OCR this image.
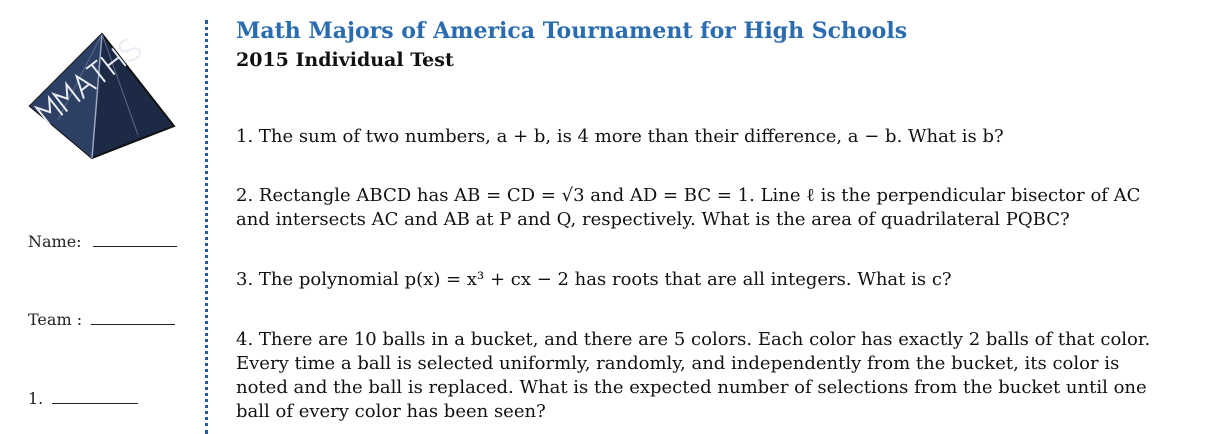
Name:
Team :
1.
Math Majors of America Tournament for High Schools
2015 Individual Test
1. The sum of two numbers, a + b, is 4 more than their difference, a − b. What is b?
2. Rectangle ABCD has AB = CD = √3 and AD = BC = 1. Line ℓ is the perpendicular bisector of AC and intersects AC and AB at P and Q, respectively. What is the area of quadrilateral PQBC?
3. The polynomial p(x) = x³ + cx − 2 has roots that are all integers. What is c?
4. There are 10 balls in a bucket, and there are 5 colors. Each color has exactly 2 balls of that color. Every time a ball is selected uniformly, randomly, and independently from the bucket, its color is noted and the ball is replaced. What is the expected number of selections from the bucket until one ball of every color has been seen?
